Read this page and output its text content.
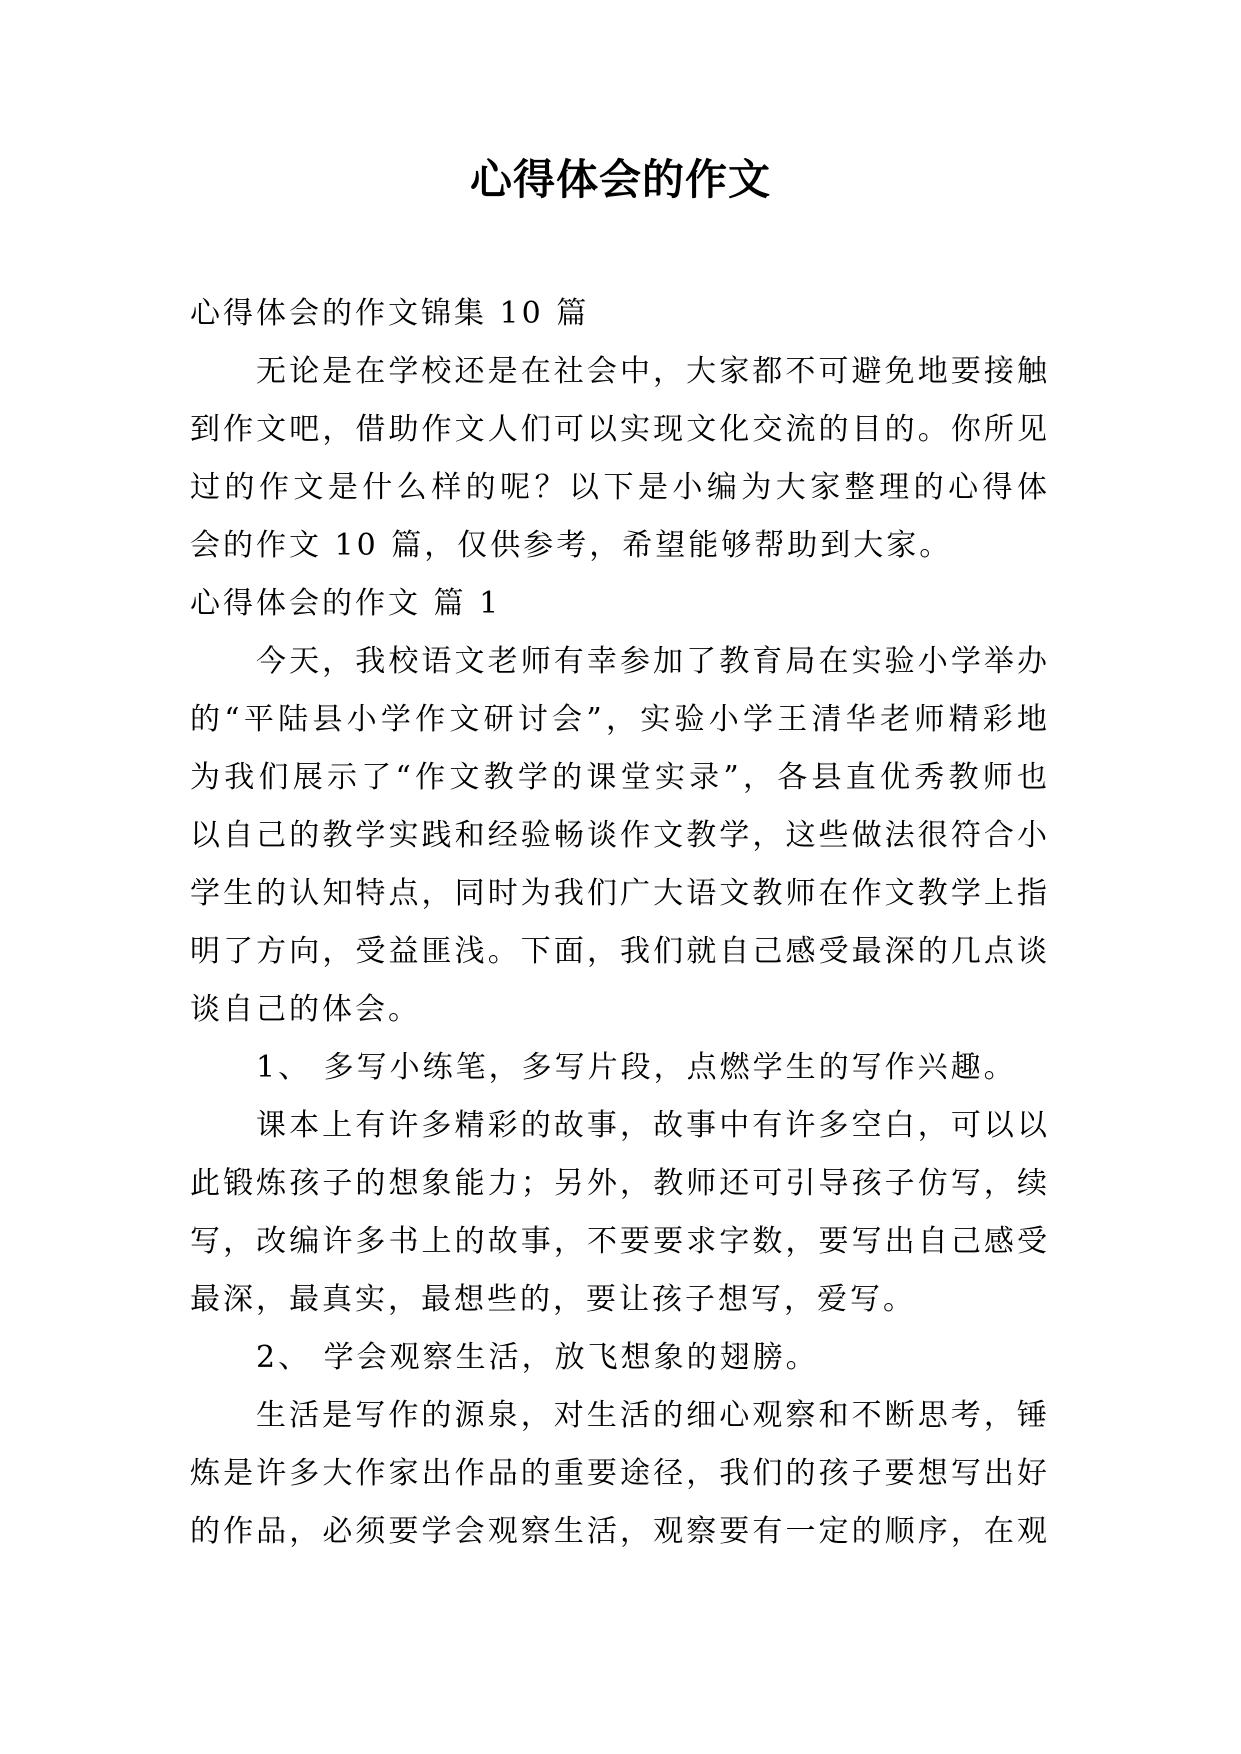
心得体会的作文
心得体会的作文锦集 10 篇
无论是在学校还是在社会中，大家都不可避免地要接触
到作文吧，借助作文人们可以实现文化交流的目的。你所见
过的作文是什么样的呢？以下是小编为大家整理的心得体
会的作文 10 篇，仅供参考，希望能够帮助到大家。
心得体会的作文 篇 1
今天，我校语文老师有幸参加了教育局在实验小学举办
的“平陆县小学作文研讨会”，实验小学王清华老师精彩地
为我们展示了“作文教学的课堂实录”，各县直优秀教师也
以自己的教学实践和经验畅谈作文教学，这些做法很符合小
学生的认知特点，同时为我们广大语文教师在作文教学上指
明了方向，受益匪浅。下面，我们就自己感受最深的几点谈
谈自己的体会。
1、 多写小练笔，多写片段，点燃学生的写作兴趣。
课本上有许多精彩的故事，故事中有许多空白，可以以
此锻炼孩子的想象能力；另外，教师还可引导孩子仿写，续
写，改编许多书上的故事，不要要求字数，要写出自己感受
最深，最真实，最想些的，要让孩子想写，爱写。
2、 学会观察生活，放飞想象的翅膀。
生活是写作的源泉，对生活的细心观察和不断思考，锤
炼是许多大作家出作品的重要途径，我们的孩子要想写出好
的作品，必须要学会观察生活，观察要有一定的顺序，在观
